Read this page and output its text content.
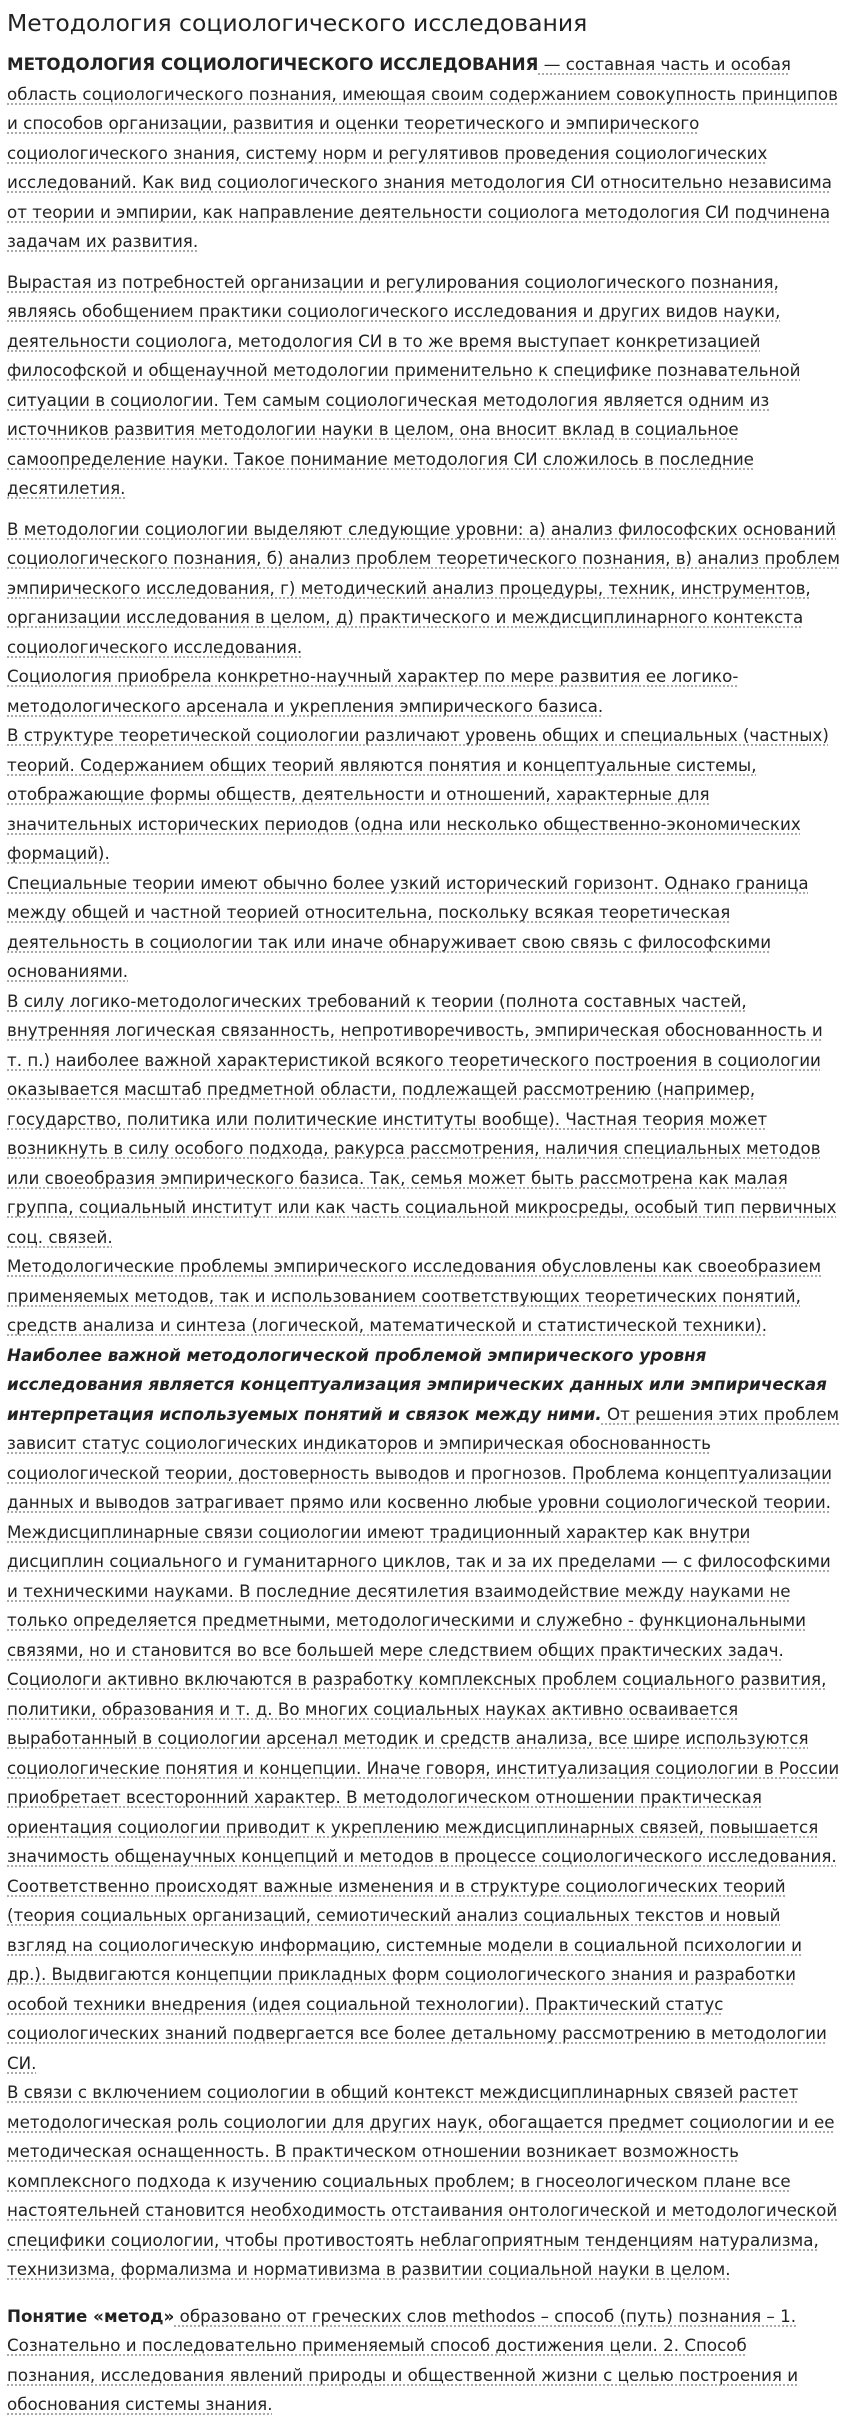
Методология социологического исследования

МЕТОДОЛОГИЯ СОЦИОЛОГИЧЕСКОГО ИССЛЕДОВАНИЯ — составная часть и особая область социологического познания, имеющая своим содержанием совокупность принципов и способов организации, развития и оценки теоретического и эмпирического социологического знания, систему норм и регулятивов проведения социологических исследований. Как вид социологического знания методология СИ относительно независима от теории и эмпирии, как направление деятельности социолога методология СИ подчинена задачам их развития.

Вырастая из потребностей организации и регулирования социологического познания, являясь обобщением практики социологического исследования и других видов науки, деятельности социолога, методология СИ в то же время выступает конкретизацией философской и общенаучной методологии применительно к специфике познавательной ситуации в социологии. Тем самым социологическая методология является одним из источников развития методологии науки в целом, она вносит вклад в социальное самоопределение науки. Такое понимание методология СИ сложилось в последние десятилетия.

В методологии социологии выделяют следующие уровни: а) анализ философских оснований социологического познания, б) анализ проблем теоретического познания, в) анализ проблем эмпирического исследования, г) методический анализ процедуры, техник, инструментов, организации исследования в целом, д) практического и междисциплинарного контекста социологического исследования.

Социология приобрела конкретно-научный характер по мере развития ее логико-методологического арсенала и укрепления эмпирического базиса.

В структуре теоретической социологии различают уровень общих и специальных (частных) теорий. Содержанием общих теорий являются понятия и концептуальные системы, отображающие формы обществ, деятельности и отношений, характерные для значительных исторических периодов (одна или несколько общественно-экономических формаций).

Специальные теории имеют обычно более узкий исторический горизонт. Однако граница между общей и частной теорией относительна, поскольку всякая теоретическая деятельность в социологии так или иначе обнаруживает свою связь с философскими основаниями.

В силу логико-методологических требований к теории (полнота составных частей, внутренняя логическая связанность, непротиворечивость, эмпирическая обоснованность и т. п.) наиболее важной характеристикой всякого теоретического построения в социологии оказывается масштаб предметной области, подлежащей рассмотрению (например, государство, политика или политические институты вообще). Частная теория может возникнуть в силу особого подхода, ракурса рассмотрения, наличия специальных методов или своеобразия эмпирического базиса. Так, семья может быть рассмотрена как малая группа, социальный институт или как часть социальной микросреды, особый тип первичных соц. связей.

Методологические проблемы эмпирического исследования обусловлены как своеобразием применяемых методов, так и использованием соответствующих теоретических понятий, средств анализа и синтеза (логической, математической и статистической техники).

Наиболее важной методологической проблемой эмпирического уровня исследования является концептуализация эмпирических данных или эмпирическая интерпретация используемых понятий и связок между ними. От решения этих проблем зависит статус социологических индикаторов и эмпирическая обоснованность социологической теории, достоверность выводов и прогнозов. Проблема концептуализации данных и выводов затрагивает прямо или косвенно любые уровни социологической теории.

Междисциплинарные связи социологии имеют традиционный характер как внутри дисциплин социального и гуманитарного циклов, так и за их пределами — с философскими и техническими науками. В последние десятилетия взаимодействие между науками не только определяется предметными, методологическими и служебно - функциональными связями, но и становится во все большей мере следствием общих практических задач. Социологи активно включаются в разработку комплексных проблем социального развития, политики, образования и т. д. Во многих социальных науках активно осваивается выработанный в социологии арсенал методик и средств анализа, все шире используются социологические понятия и концепции. Иначе говоря, институализация социологии в России приобретает всесторонний характер. В методологическом отношении практическая ориентация социологии приводит к укреплению междисциплинарных связей, повышается значимость общенаучных концепций и методов в процессе социологического исследования. Соответственно происходят важные изменения и в структуре социологических теорий (теория социальных организаций, семиотический анализ социальных текстов и новый взгляд на социологическую информацию, системные модели в социальной психологии и др.). Выдвигаются концепции прикладных форм социологического знания и разработки особой техники внедрения (идея социальной технологии). Практический статус социологических знаний подвергается все более детальному рассмотрению в методологии СИ.

В связи с включением социологии в общий контекст междисциплинарных связей растет методологическая роль социологии для других наук, обогащается предмет социологии и ее методическая оснащенность. В практическом отношении возникает возможность комплексного подхода к изучению социальных проблем; в гносеологическом плане все настоятельней становится необходимость отстаивания онтологической и методологической специфики социологии, чтобы противостоять неблагоприятным тенденциям натурализма, технизизма, формализма и нормативизма в развитии социальной науки в целом.

Понятие «метод» образовано от греческих слов methodos – способ (путь) познания – 1. Сознательно и последовательно применяемый способ достижения цели. 2. Способ познания, исследования явлений природы и общественной жизни с целью построения и обоснования системы знания.
